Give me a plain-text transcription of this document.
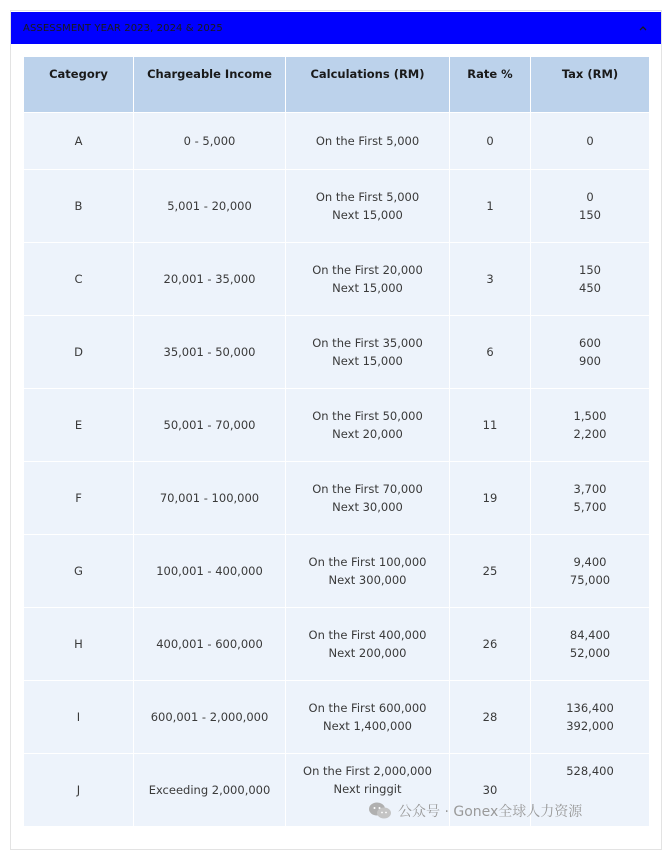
ASSESSMENT YEAR 2023, 2024 & 2025
Category	Chargeable Income	Calculations (RM)	Rate %	Tax (RM)
A	0 - 5,000	On the First 5,000	0	0

B	5,001 - 20,000	On the First 5,000
Next 15,000	1	0
150

C	20,001 - 35,000	On the First 20,000
Next 15,000	3	150
450

D	35,001 - 50,000	On the First 35,000
Next 15,000	6	600
900

E	50,001 - 70,000	On the First 50,000
Next 20,000	11	1,500
2,200

F	70,001 - 100,000	On the First 70,000
Next 30,000	19	3,700
5,700

G	100,001 - 400,000	On the First 100,000
Next 300,000	25	9,400
75,000

H	400,001 - 600,000	On the First 400,000
Next 200,000	26	84,400
52,000

I	600,001 - 2,000,000	On the First 600,000
Next 1,400,000	28	136,400
392,000

J	Exceeding 2,000,000	On the First 2,000,000
Next ringgit	30	528,400
公众号 · Gonex全球人力资源
